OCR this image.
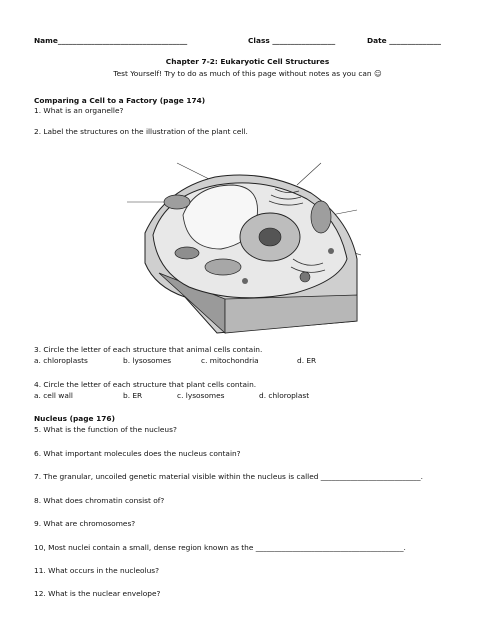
Name___________________________________	Class _________________	Date ______________
Chapter 7-2: Eukaryotic Cell Structures
Test Yourself! Try to do as much of this page without notes as you can ☺
Comparing a Cell to a Factory (page 174)
1. What is an organelle?
2. Label the structures on the illustration of the plant cell.
3. Circle the letter of each structure that animal cells contain.
a. chloroplasts	b. lysosomes	c. mitochondria	d. ER
4. Circle the letter of each structure that plant cells contain.
a. cell wall	b. ER	c. lysosomes	d. chloroplast
Nucleus (page 176)
5. What is the function of the nucleus?
6. What important molecules does the nucleus contain?
7. The granular, uncoiled genetic material visible within the nucleus is called ___________________________.
8. What does chromatin consist of?
9. What are chromosomes?
10, Most nuclei contain a small, dense region known as the ________________________________________.
11. What occurs in the nucleolus?
12. What is the nuclear envelope?
